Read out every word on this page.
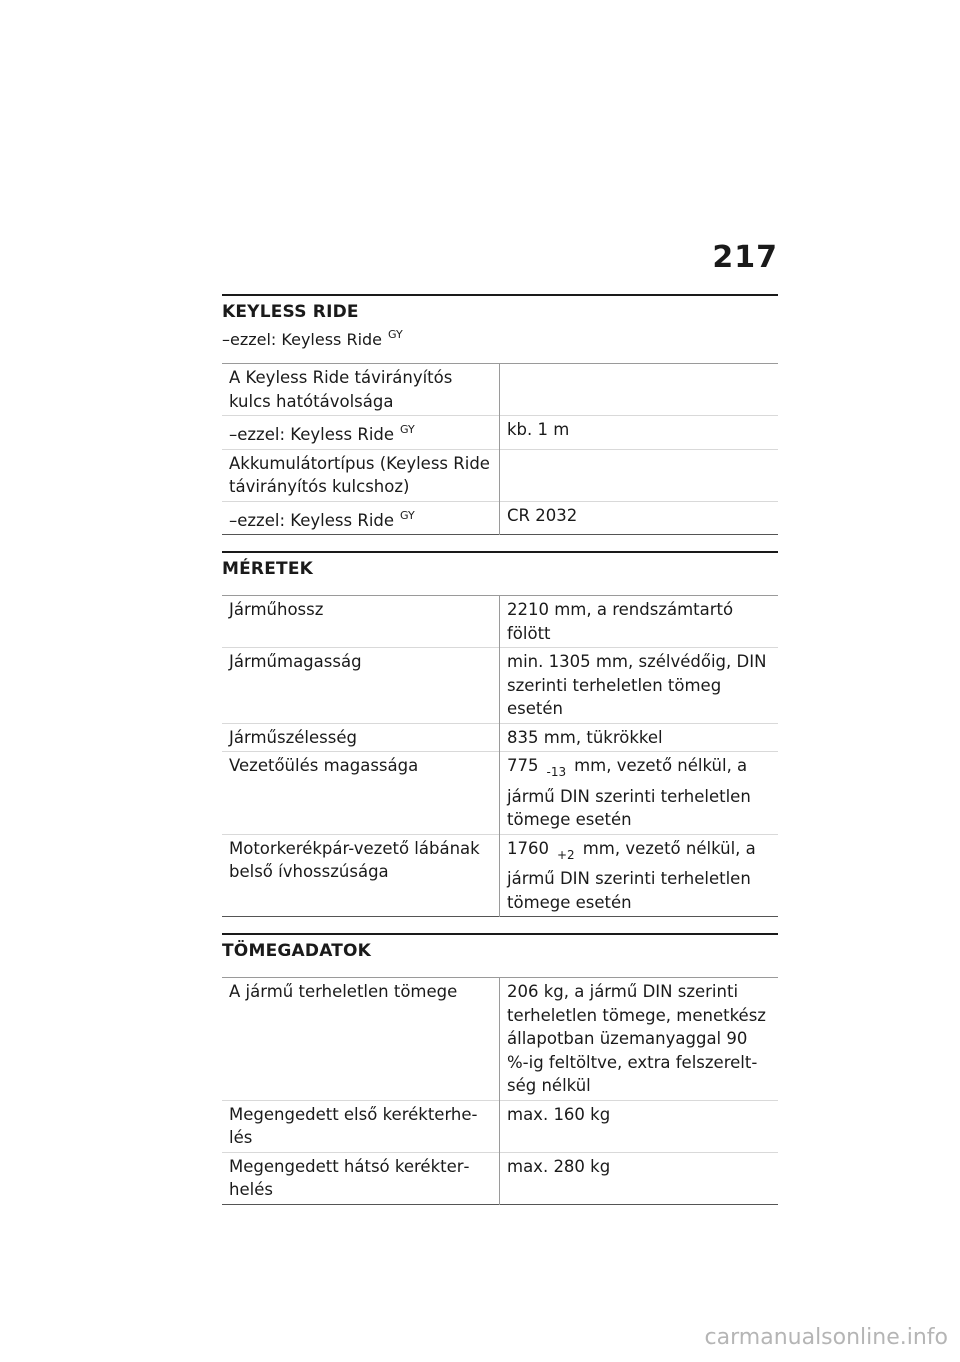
217
KEYLESS RIDE
–ezzel: Keyless Ride $^{GY}$
A Keyless Ride távirányítós kulcs hatótávolsága	
–ezzel: Keyless Ride $^{GY}$	kb. 1 m
Akkumulátortípus (Keyless Ride távirányítós kulcshoz)	
–ezzel: Keyless Ride $^{GY}$	CR 2032
MÉRETEK
Járműhossz	2210 mm, a rendszámtartó fölött
Járműmagasság	min. 1305 mm, szélvédőig, DIN szerinti terheletlen tömeg esetén
Járműszélesség	835 mm, tükrökkel
Vezetőülés magassága	775 $_{-13}$ mm, vezető nélkül, a jármű DIN szerinti terheletlen tömege esetén
Motorkerékpár-vezető lábának belső ívhosszúsága	1760 $_{+2}$ mm, vezető nélkül, a jármű DIN szerinti terheletlen tömege esetén
TÖMEGADATOK
A jármű terheletlen tömege	206 kg, a jármű DIN szerinti terheletlen tömege, menetkész állapotban üzemanyaggal 90 %-ig feltöltve, extra felszereltség nélkül
Megengedett első kerékterhelés	max. 160 kg
Megengedett hátsó kerékterhelés	max. 280 kg
carmanualsonline.info
